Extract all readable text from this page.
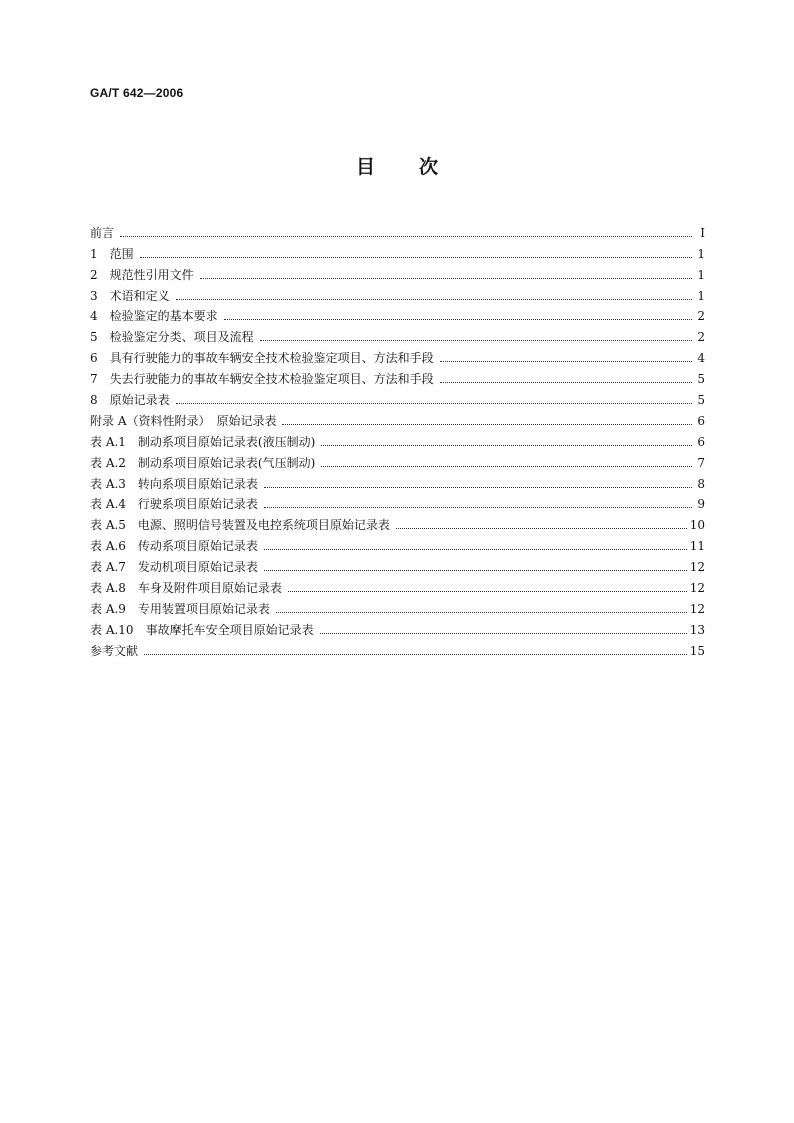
GA/T 642—2006
目次
前言	I
1　范围	1
2　规范性引用文件	1
3　术语和定义	1
4　检验鉴定的基本要求	2
5　检验鉴定分类、项目及流程	2
6　具有行驶能力的事故车辆安全技术检验鉴定项目、方法和手段	4
7　失去行驶能力的事故车辆安全技术检验鉴定项目、方法和手段	5
8　原始记录表	5
附录 A（资料性附录）　原始记录表	6
表 A.1　制动系项目原始记录表(液压制动)	6
表 A.2　制动系项目原始记录表(气压制动)	7
表 A.3　转向系项目原始记录表	8
表 A.4　行驶系项目原始记录表	9
表 A.5　电源、照明信号装置及电控系统项目原始记录表	10
表 A.6　传动系项目原始记录表	11
表 A.7　发动机项目原始记录表	12
表 A.8　车身及附件项目原始记录表	12
表 A.9　专用装置项目原始记录表	12
表 A.10　事故摩托车安全项目原始记录表	13
参考文献	15
